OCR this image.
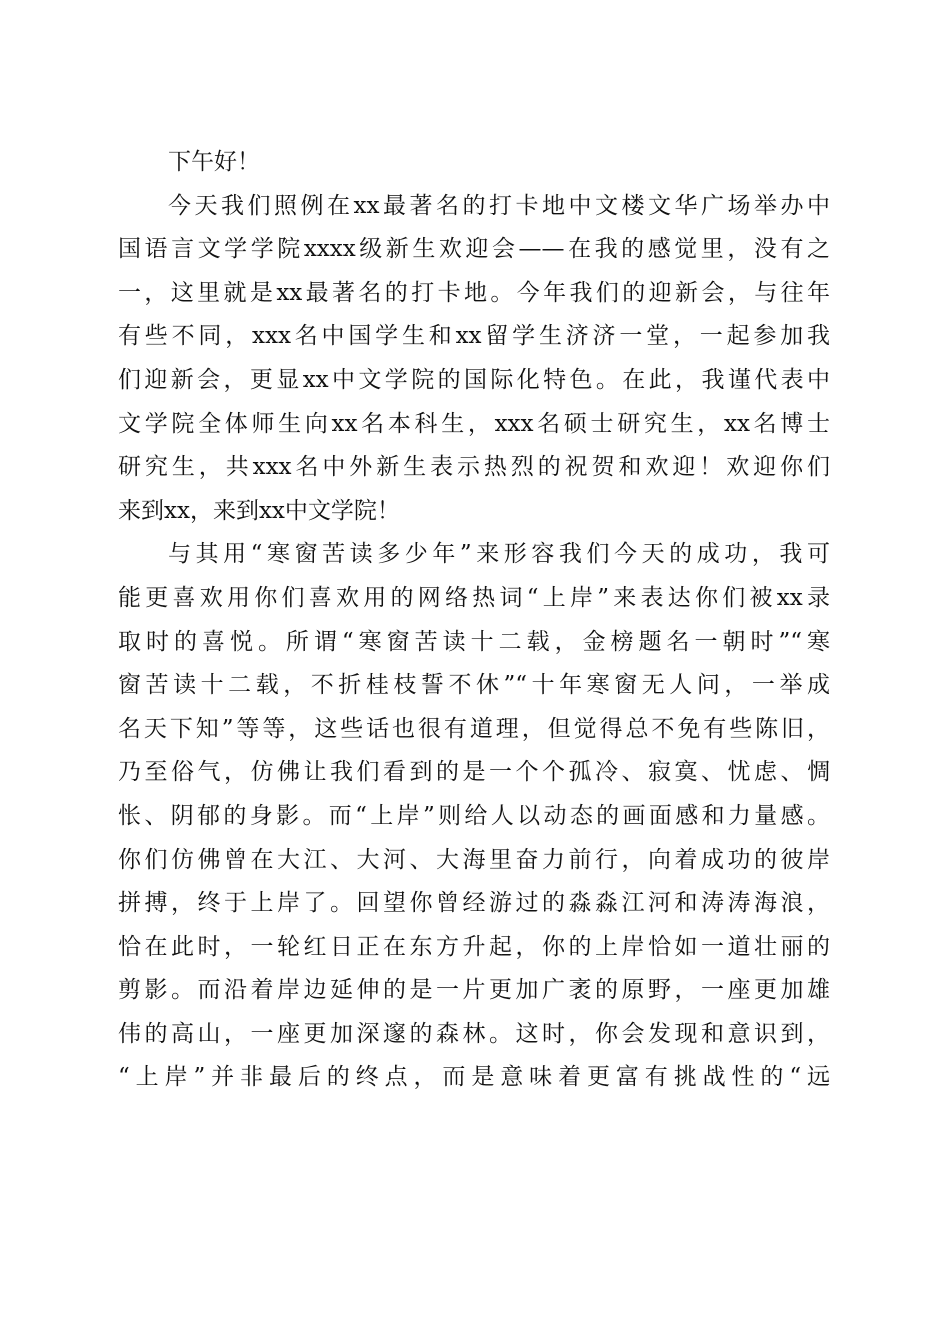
下午好！
今天我们照例在xx最著名的打卡地中文楼文华广场举办中
国语言文学学院xxxx级新生欢迎会——在我的感觉里，没有之
一，这里就是xx最著名的打卡地。今年我们的迎新会，与往年
有些不同，xxx名中国学生和xx留学生济济一堂，一起参加我
们迎新会，更显xx中文学院的国际化特色。在此，我谨代表中
文学院全体师生向xx名本科生，xxx名硕士研究生，xx名博士
研究生，共xxx名中外新生表示热烈的祝贺和欢迎！欢迎你们
来到xx，来到xx中文学院！
与其用“寒窗苦读多少年”来形容我们今天的成功，我可
能更喜欢用你们喜欢用的网络热词“上岸”来表达你们被xx录
取时的喜悦。所谓“寒窗苦读十二载，金榜题名一朝时”“寒
窗苦读十二载，不折桂枝誓不休”“十年寒窗无人问，一举成
名天下知”等等，这些话也很有道理，但觉得总不免有些陈旧，
乃至俗气，仿佛让我们看到的是一个个孤冷、寂寞、忧虑、惆
怅、阴郁的身影。而“上岸”则给人以动态的画面感和力量感。
你们仿佛曾在大江、大河、大海里奋力前行，向着成功的彼岸
拼搏，终于上岸了。回望你曾经游过的淼淼江河和涛涛海浪，
恰在此时，一轮红日正在东方升起，你的上岸恰如一道壮丽的
剪影。而沿着岸边延伸的是一片更加广袤的原野，一座更加雄
伟的高山，一座更加深邃的森林。这时，你会发现和意识到，
“上岸”并非最后的终点，而是意味着更富有挑战性的“远
